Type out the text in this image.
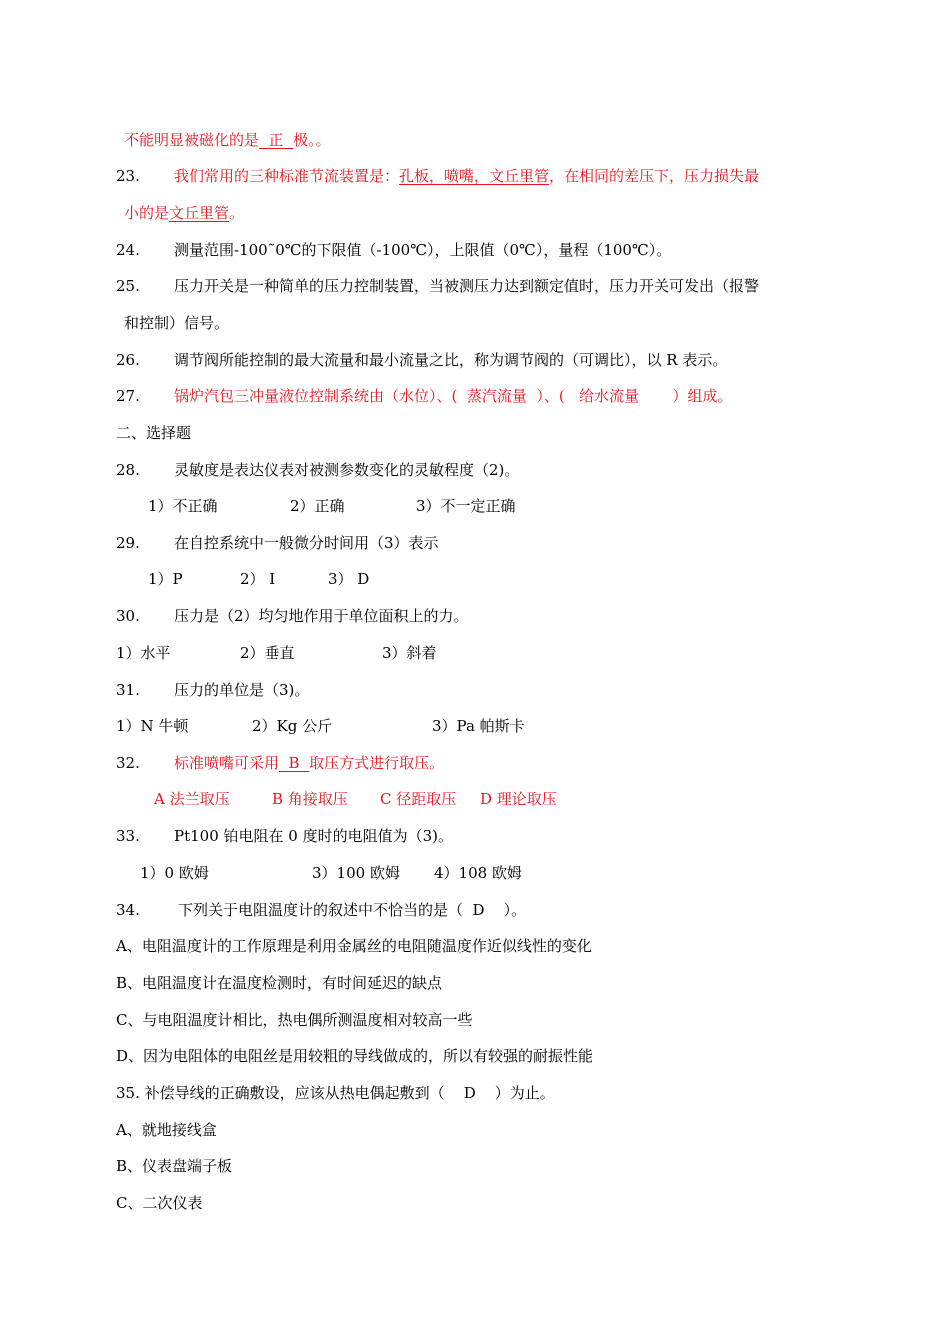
不能明显被磁化的是  正  极。。
23. 我们常用的三种标准节流装置是：孔板，喷嘴，文丘里管，在相同的差压下，压力损失最
小的是文丘里管。
24. 测量范围-100˜0℃的下限值（-100℃），上限值（0℃），量程（100℃）。
25. 压力开关是一种简单的压力控制装置，当被测压力达到额定值时，压力开关可发出（报警
和控制）信号。
26. 调节阀所能控制的最大流量和最小流量之比，称为调节阀的（可调比），以 R 表示。
27. 锅炉汽包三冲量液位控制系统由（水位）、(  蒸汽流量  ）、(   给水流量       ）组成。
二、选择题
28. 灵敏度是表达仪表对被测参数变化的灵敏程度（2)。
1）不正确	2）正确	3）不一定正确
29. 在自控系统中一般微分时间用（3）表示
1）P	2） I	3） D
30. 压力是（2）均匀地作用于单位面积上的力。
1）水平	2）垂直	3）斜着
31. 压力的单位是（3)。
1）N 牛顿	2）Kg 公斤	3）Pa 帕斯卡
32. 标准喷嘴可采用  B  取压方式进行取压。
A 法兰取压	B 角接取压 C 径距取压 D 理论取压
33. Pt100 铂电阻在 0 度时的电阻值为（3)。
1）0 欧姆	3）100 欧姆 4）108 欧姆
34.	下列关于电阻温度计的叙述中不恰当的是（  D    ）。
A、电阻温度计的工作原理是利用金属丝的电阻随温度作近似线性的变化
B、电阻温度计在温度检测时，有时间延迟的缺点
C、与电阻温度计相比，热电偶所测温度相对较高一些
D、因为电阻体的电阻丝是用较粗的导线做成的，所以有较强的耐振性能
35. 补偿导线的正确敷设，应该从热电偶起敷到（    D    ）为止。
A、就地接线盒
B、仪表盘端子板
C、二次仪表
